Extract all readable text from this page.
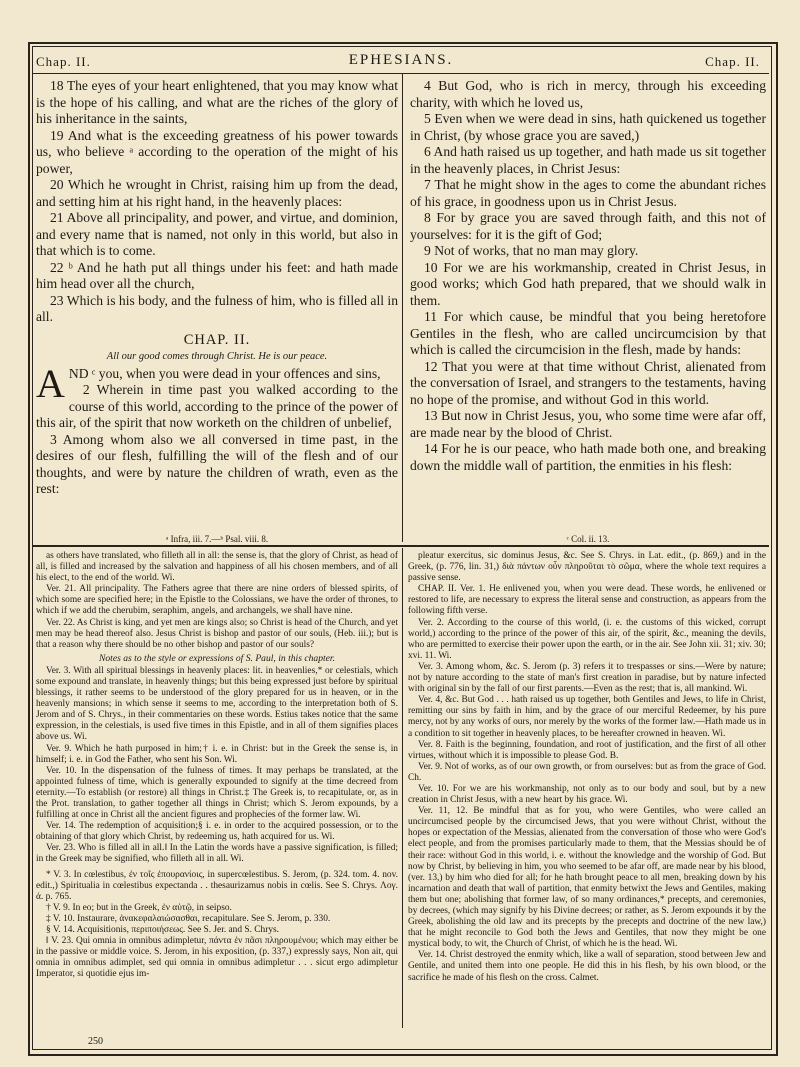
Chap. II.	EPHESIANS.	Chap. II.

18 The eyes of your heart enlightened, that you may know what is the hope of his calling, and what are the riches of the glory of his inheritance in the saints,

19 And what is the exceeding greatness of his power towards us, who believe ᵃ according to the operation of the might of his power,

20 Which he wrought in Christ, raising him up from the dead, and setting him at his right hand, in the heavenly places:

21 Above all principality, and power, and virtue, and dominion, and every name that is named, not only in this world, but also in that which is to come.

22 ᵇ And he hath put all things under his feet: and hath made him head over all the church,

23 Which is his body, and the fulness of him, who is filled all in all.

CHAP. II.
All our good comes through Christ. He is our peace.

AND ᶜ you, when you were dead in your offences and sins,

2 Wherein in time past you walked according to the course of this world, according to the prince of the power of this air, of the spirit that now worketh on the children of unbelief,

3 Among whom also we all conversed in time past, in the desires of our flesh, fulfilling the will of the flesh and of our thoughts, and were by nature the children of wrath, even as the rest:

4 But God, who is rich in mercy, through his exceeding charity, with which he loved us,

5 Even when we were dead in sins, hath quickened us together in Christ, (by whose grace you are saved,)

6 And hath raised us up together, and hath made us sit together in the heavenly places, in Christ Jesus:

7 That he might show in the ages to come the abundant riches of his grace, in goodness upon us in Christ Jesus.

8 For by grace you are saved through faith, and this not of yourselves: for it is the gift of God;

9 Not of works, that no man may glory.

10 For we are his workmanship, created in Christ Jesus, in good works; which God hath prepared, that we should walk in them.

11 For which cause, be mindful that you being heretofore Gentiles in the flesh, who are called uncircumcision by that which is called the circumcision in the flesh, made by hands:

12 That you were at that time without Christ, alienated from the conversation of Israel, and strangers to the testaments, having no hope of the promise, and without God in this world.

13 But now in Christ Jesus, you, who some time were afar off, are made near by the blood of Christ.

14 For he is our peace, who hath made both one, and breaking down the middle wall of partition, the enmities in his flesh:

ᵃ Infra, iii. 7.—ᵇ Psal. viii. 8.	ᶜ Col. ii. 13.

as others have translated, who filleth all in all: the sense is, that the glory of Christ, as head of all, is filled and increased by the salvation and happiness of all his chosen members, and of all his elect, to the end of the world. Wi.

Ver. 21. All principality. The Fathers agree that there are nine orders of blessed spirits, of which some are specified here; in the Epistle to the Colossians, we have the order of thrones, to which if we add the cherubim, seraphim, angels, and archangels, we shall have nine.

Ver. 22. As Christ is king, and yet men are kings also; so Christ is head of the Church, and yet men may be head thereof also. Jesus Christ is bishop and pastor of our souls, (Heb. iii.); but is that a reason why there should be no other bishop and pastor of our souls?

Notes as to the style or expressions of S. Paul, in this chapter.

Ver. 3. With all spiritual blessings in heavenly places: lit. in heavenlies,* or celestials, which some expound and translate, in heavenly things; but this being expressed just before by spiritual blessings, it rather seems to be understood of the glory prepared for us in heaven, or in the heavenly mansions; in which sense it seems to me, according to the interpretation both of S. Jerom and of S. Chrys., in their commentaries on these words. Estius takes notice that the same expression, in the celestials, is used five times in this Epistle, and in all of them signifies places above us. Wi.

Ver. 9. Which he hath purposed in him;† i. e. in Christ: but in the Greek the sense is, in himself; i. e. in God the Father, who sent his Son. Wi.

Ver. 10. In the dispensation of the fulness of times. It may perhaps be translated, at the appointed fulness of time, which is generally expounded to signify at the time decreed from eternity.—To establish (or restore) all things in Christ.‡ The Greek is, to recapitulate, or, as in the Prot. translation, to gather together all things in Christ; which S. Jerom expounds, by a fulfilling at once in Christ all the ancient figures and prophecies of the former law. Wi.

Ver. 14. The redemption of acquisition;§ i. e. in order to the acquired possession, or to the obtaining of that glory which Christ, by redeeming us, hath acquired for us. Wi.

Ver. 23. Who is filled all in all.‖ In the Latin the words have a passive signification, is filled; in the Greek may be signified, who filleth all in all. Wi.

* V. 3. In cœlestibus, ἐν τοῖς ἐπουρανίοις, in supercœlestibus. S. Jerom, (p. 324. tom. 4. nov. edit.,) Spiritualia in cœlestibus expectanda . . thesaurizamus nobis in cœlis. See S. Chrys. Λογ. ά. p. 765.

† V. 9. In eo; but in the Greek, ἐν αὐτῷ, in seipso.

‡ V. 10. Instaurare, ἀνακεφαλαιώσασθαι, recapitulare. See S. Jerom, p. 330.

§ V. 14. Acquisitionis, περιποιήσεως. See S. Jer. and S. Chrys.

‖ V. 23. Qui omnia in omnibus adimpletur, πάντα ἐν πᾶσι πληρουμένου; which may either be in the passive or middle voice. S. Jerom, in his exposition, (p. 337,) expressly says, Non ait, qui omnia in omnibus adimplet, sed qui omnia in omnibus adimpletur . . . sicut ergo adimpletur Imperator, si quotidie ejus im-

pleatur exercitus, sic dominus Jesus, &c. See S. Chrys. in Lat. edit., (p. 869,) and in the Greek, (p. 776, lin. 31,) διὰ πάντων οὖν πληροῦται τὸ σῶμα, where the whole text requires a passive sense.

CHAP. II. Ver. 1. He enlivened you, when you were dead. These words, he enlivened or restored to life, are necessary to express the literal sense and construction, as appears from the following fifth verse.

Ver. 2. According to the course of this world, (i. e. the customs of this wicked, corrupt world,) according to the prince of the power of this air, of the spirit, &c., meaning the devils, who are permitted to exercise their power upon the earth, or in the air. See John xii. 31; xiv. 30; xvi. 11. Wi.

Ver. 3. Among whom, &c. S. Jerom (p. 3) refers it to trespasses or sins.—Were by nature; not by nature according to the state of man's first creation in paradise, but by nature infected with original sin by the fall of our first parents.—Even as the rest; that is, all mankind. Wi.

Ver. 4, &c. But God . . . hath raised us up together, both Gentiles and Jews, to life in Christ, remitting our sins by faith in him, and by the grace of our merciful Redeemer, by his pure mercy, not by any works of ours, nor merely by the works of the former law.—Hath made us in a condition to sit together in heavenly places, to be hereafter crowned in heaven. Wi.

Ver. 8. Faith is the beginning, foundation, and root of justification, and the first of all other virtues, without which it is impossible to please God. B.

Ver. 9. Not of works, as of our own growth, or from ourselves: but as from the grace of God. Ch.

Ver. 10. For we are his workmanship, not only as to our body and soul, but by a new creation in Christ Jesus, with a new heart by his grace. Wi.

Ver. 11, 12. Be mindful that as for you, who were Gentiles, who were called an uncircumcised people by the circumcised Jews, that you were without Christ, without the hopes or expectation of the Messias, alienated from the conversation of those who were God's elect people, and from the promises particularly made to them, that the Messias should be of their race: without God in this world, i. e. without the knowledge and the worship of God. But now by Christ, by believing in him, you who seemed to be afar off, are made near by his blood, (ver. 13,) by him who died for all; for he hath brought peace to all men, breaking down by his incarnation and death that wall of partition, that enmity betwixt the Jews and Gentiles, making them but one; abolishing that former law, of so many ordinances,* precepts, and ceremonies, by decrees, (which may signify by his Divine decrees; or rather, as S. Jerom expounds it by the Greek, abolishing the old law and its precepts by the precepts and doctrine of the new law,) that he might reconcile to God both the Jews and Gentiles, that now they might be one mystical body, to wit, the Church of Christ, of which he is the head. Wi.

Ver. 14. Christ destroyed the enmity which, like a wall of separation, stood between Jew and Gentile, and united them into one people. He did this in his flesh, by his own blood, or the sacrifice he made of his flesh on the cross. Calmet.

250
